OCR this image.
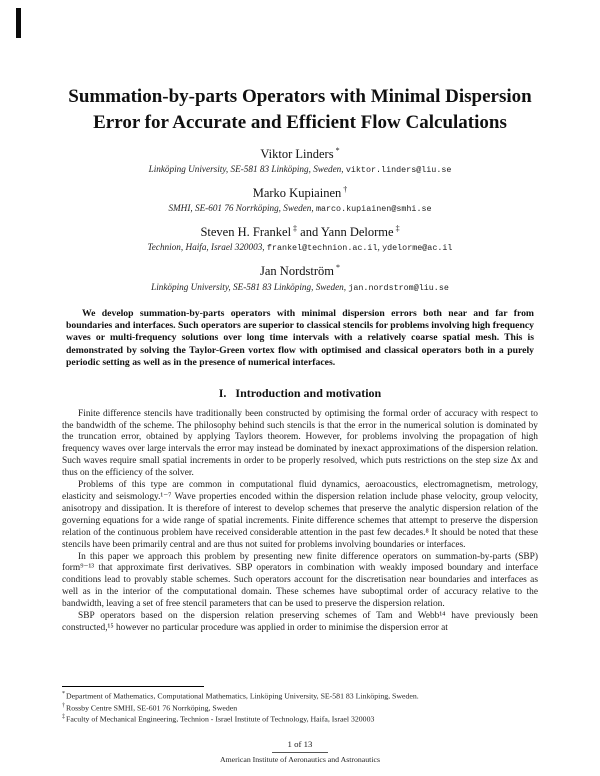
Summation-by-parts Operators with Minimal Dispersion
Error for Accurate and Efficient Flow Calculations
Viktor Linders *
Linköping University, SE-581 83 Linköping, Sweden, viktor.linders@liu.se
Marko Kupiainen †
SMHI, SE-601 76 Norrköping, Sweden, marco.kupiainen@smhi.se
Steven H. Frankel ‡ and Yann Delorme ‡
Technion, Haifa, Israel 320003, frankel@technion.ac.il, ydelorme@ac.il
Jan Nordström *
Linköping University, SE-581 83 Linköping, Sweden, jan.nordstrom@liu.se
We develop summation-by-parts operators with minimal dispersion errors both near and far from boundaries and interfaces. Such operators are superior to classical stencils for problems involving high frequency waves or multi-frequency solutions over long time intervals with a relatively coarse spatial mesh. This is demonstrated by solving the Taylor-Green vortex flow with optimised and classical operators both in a purely periodic setting as well as in the presence of numerical interfaces.
I. Introduction and motivation

Finite difference stencils have traditionally been constructed by optimising the formal order of accuracy with respect to the bandwidth of the scheme. The philosophy behind such stencils is that the error in the numerical solution is dominated by the truncation error, obtained by applying Taylors theorem. However, for problems involving the propagation of high frequency waves over large intervals the error may instead be dominated by inexact approximations of the dispersion relation. Such waves require small spatial increments in order to be properly resolved, which puts restrictions on the step size Δx and thus on the efficiency of the solver.

Problems of this type are common in computational fluid dynamics, aeroacoustics, electromagnetism, metrology, elasticity and seismology.¹⁻⁷ Wave properties encoded within the dispersion relation include phase velocity, group velocity, anisotropy and dissipation. It is therefore of interest to develop schemes that preserve the analytic dispersion relation of the governing equations for a wide range of spatial increments. Finite difference schemes that attempt to preserve the dispersion relation of the continuous problem have received considerable attention in the past few decades.⁸ It should be noted that these stencils have been primarily central and are thus not suited for problems involving boundaries or interfaces.

In this paper we approach this problem by presenting new finite difference operators on summation-by-parts (SBP) form⁹⁻¹³ that approximate first derivatives. SBP operators in combination with weakly imposed boundary and interface conditions lead to provably stable schemes. Such operators account for the discretisation near boundaries and interfaces as well as in the interior of the computational domain. These schemes have suboptimal order of accuracy relative to the bandwidth, leaving a set of free stencil parameters that can be used to preserve the dispersion relation.

SBP operators based on the dispersion relation preserving schemes of Tam and Webb¹⁴ have previously been constructed,¹⁵ however no particular procedure was applied in order to minimise the dispersion error at

*Department of Mathematics, Computational Mathematics, Linköping University, SE-581 83 Linköping, Sweden.
†Rossby Centre SMHI, SE-601 76 Norrköping, Sweden
‡Faculty of Mechanical Engineering, Technion - Israel Institute of Technology, Haifa, Israel 320003
1 of 13
American Institute of Aeronautics and Astronautics
